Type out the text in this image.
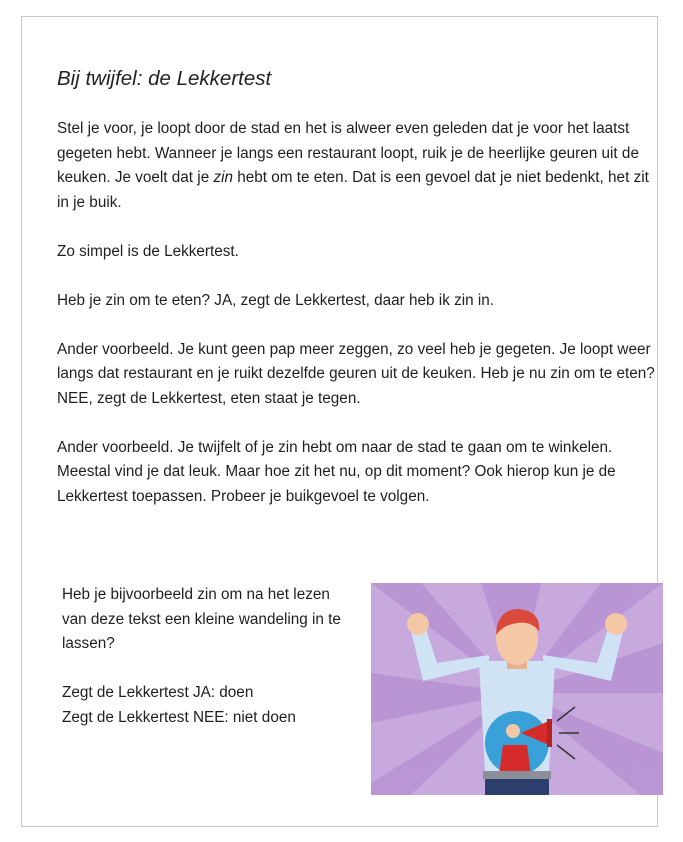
Bij twijfel: de Lekkertest

Stel je voor, je loopt door de stad en het is alweer even geleden dat je voor het laatst gegeten hebt. Wanneer je langs een restaurant loopt, ruik je de heerlijke geuren uit de keuken. Je voelt dat je zin hebt om te eten. Dat is een gevoel dat je niet bedenkt, het zit in je buik.

Zo simpel is de Lekkertest.

Heb je zin om te eten? JA, zegt de Lekkertest, daar heb ik zin in.

Ander voorbeeld. Je kunt geen pap meer zeggen, zo veel heb je gegeten. Je loopt weer langs dat restaurant en je ruikt dezelfde geuren uit de keuken. Heb je nu zin om te eten?
NEE, zegt de Lekkertest, eten staat je tegen.

Ander voorbeeld. Je twijfelt of je zin hebt om naar de stad te gaan om te winkelen. Meestal vind je dat leuk. Maar hoe zit het nu, op dit moment? Ook hierop kun je de Lekkertest toepassen. Probeer je buikgevoel te volgen.

Heb je bijvoorbeeld zin om na het lezen van deze tekst een kleine wandeling in te lassen?

Zegt de Lekkertest JA: doen
Zegt de Lekkertest NEE: niet doen
